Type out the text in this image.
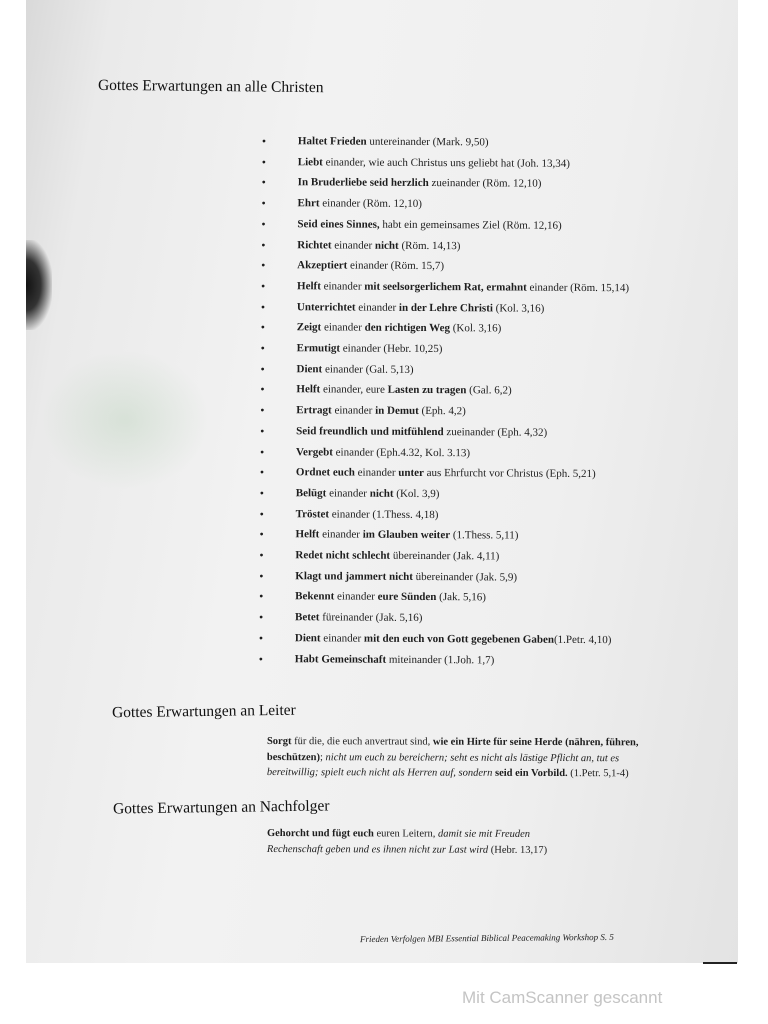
Gottes Erwartungen an alle Christen
• Haltet Frieden untereinander (Mark. 9,50)
• Liebt einander, wie auch Christus uns geliebt hat (Joh. 13,34)
• In Bruderliebe seid herzlich zueinander (Röm. 12,10)
• Ehrt einander (Röm. 12,10)
• Seid eines Sinnes, habt ein gemeinsames Ziel (Röm. 12,16)
• Richtet einander nicht (Röm. 14,13)
• Akzeptiert einander (Röm. 15,7)
• Helft einander mit seelsorgerlichem Rat, ermahnt einander (Röm. 15,14)
• Unterrichtet einander in der Lehre Christi (Kol. 3,16)
• Zeigt einander den richtigen Weg (Kol. 3,16)
• Ermutigt einander (Hebr. 10,25)
• Dient einander (Gal. 5,13)
• Helft einander, eure Lasten zu tragen (Gal. 6,2)
• Ertragt einander in Demut (Eph. 4,2)
• Seid freundlich und mitfühlend zueinander (Eph. 4,32)
• Vergebt einander (Eph.4.32, Kol. 3.13)
• Ordnet euch einander unter aus Ehrfurcht vor Christus (Eph. 5,21)
• Belügt einander nicht (Kol. 3,9)
• Tröstet einander (1.Thess. 4,18)
• Helft einander im Glauben weiter (1.Thess. 5,11)
• Redet nicht schlecht übereinander (Jak. 4,11)
• Klagt und jammert nicht übereinander (Jak. 5,9)
• Bekennt einander eure Sünden (Jak. 5,16)
• Betet füreinander (Jak. 5,16)
• Dient einander mit den euch von Gott gegebenen Gaben(1.Petr. 4,10)
• Habt Gemeinschaft miteinander (1.Joh. 1,7)
Gottes Erwartungen an Leiter

Sorgt für die, die euch anvertraut sind, wie ein Hirte für seine Herde (nähren, führen, beschützen); nicht um euch zu bereichern; seht es nicht als lästige Pflicht an, tut es bereitwillig; spielt euch nicht als Herren auf, sondern seid ein Vorbild. (1.Petr. 5,1-4)

Gottes Erwartungen an Nachfolger

Gehorcht und fügt euch euren Leitern, damit sie mit Freuden Rechenschaft geben und es ihnen nicht zur Last wird (Hebr. 13,17)

Frieden Verfolgen MBI Essential Biblical Peacemaking Workshop S. 5
Mit CamScanner gescannt
